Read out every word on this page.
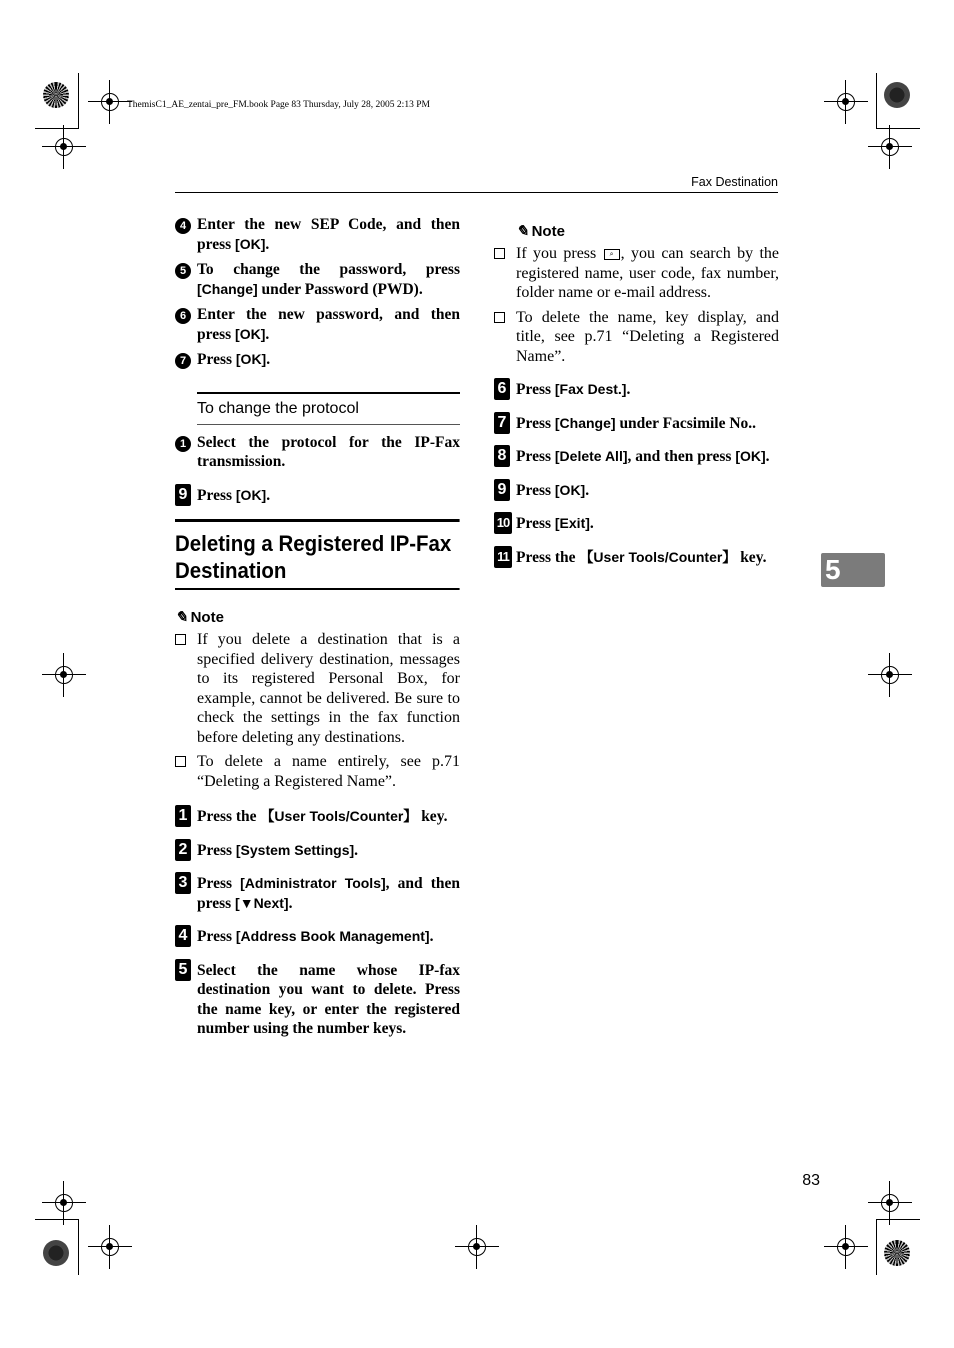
ThemisC1_AE_zentai_pre_FM.book Page 83 Thursday, July 28, 2005 2:13 PM
Fax Destination
5
4 Enter the new SEP Code, and then press [OK].
5 To change the password, press [Change] under Password (PWD).
6 Enter the new password, and then press [OK].
7 Press [OK].
To change the protocol
1 Select the protocol for the IP-Fax transmission.
9 Press [OK].
Deleting a Registered IP-Fax Destination
✎ Note
If you delete a destination that is a specified delivery destination, messages to its registered Personal Box, for example, cannot be delivered. Be sure to check the settings in the fax function before deleting any destinations.
To delete a name entirely, see p.71 “Deleting a Registered Name”.
1 Press the 【User Tools/Counter】 key.
2 Press [System Settings].
3 Press [Administrator Tools], and then press [▼Next].
4 Press [Address Book Management].
5 Select the name whose IP-fax destination you want to delete. Press the name key, or enter the registered number using the number keys.
✎ Note
If you press ⌕ , you can search by the registered name, user code, fax number, folder name or e-mail address.
To delete the name, key display, and title, see p.71 “Deleting a Registered Name”.
6 Press [Fax Dest.].
7 Press [Change] under Facsimile No..
8 Press [Delete All], and then press [OK].
9 Press [OK].
10 Press [Exit].
11 Press the 【User Tools/Counter】 key.
83
